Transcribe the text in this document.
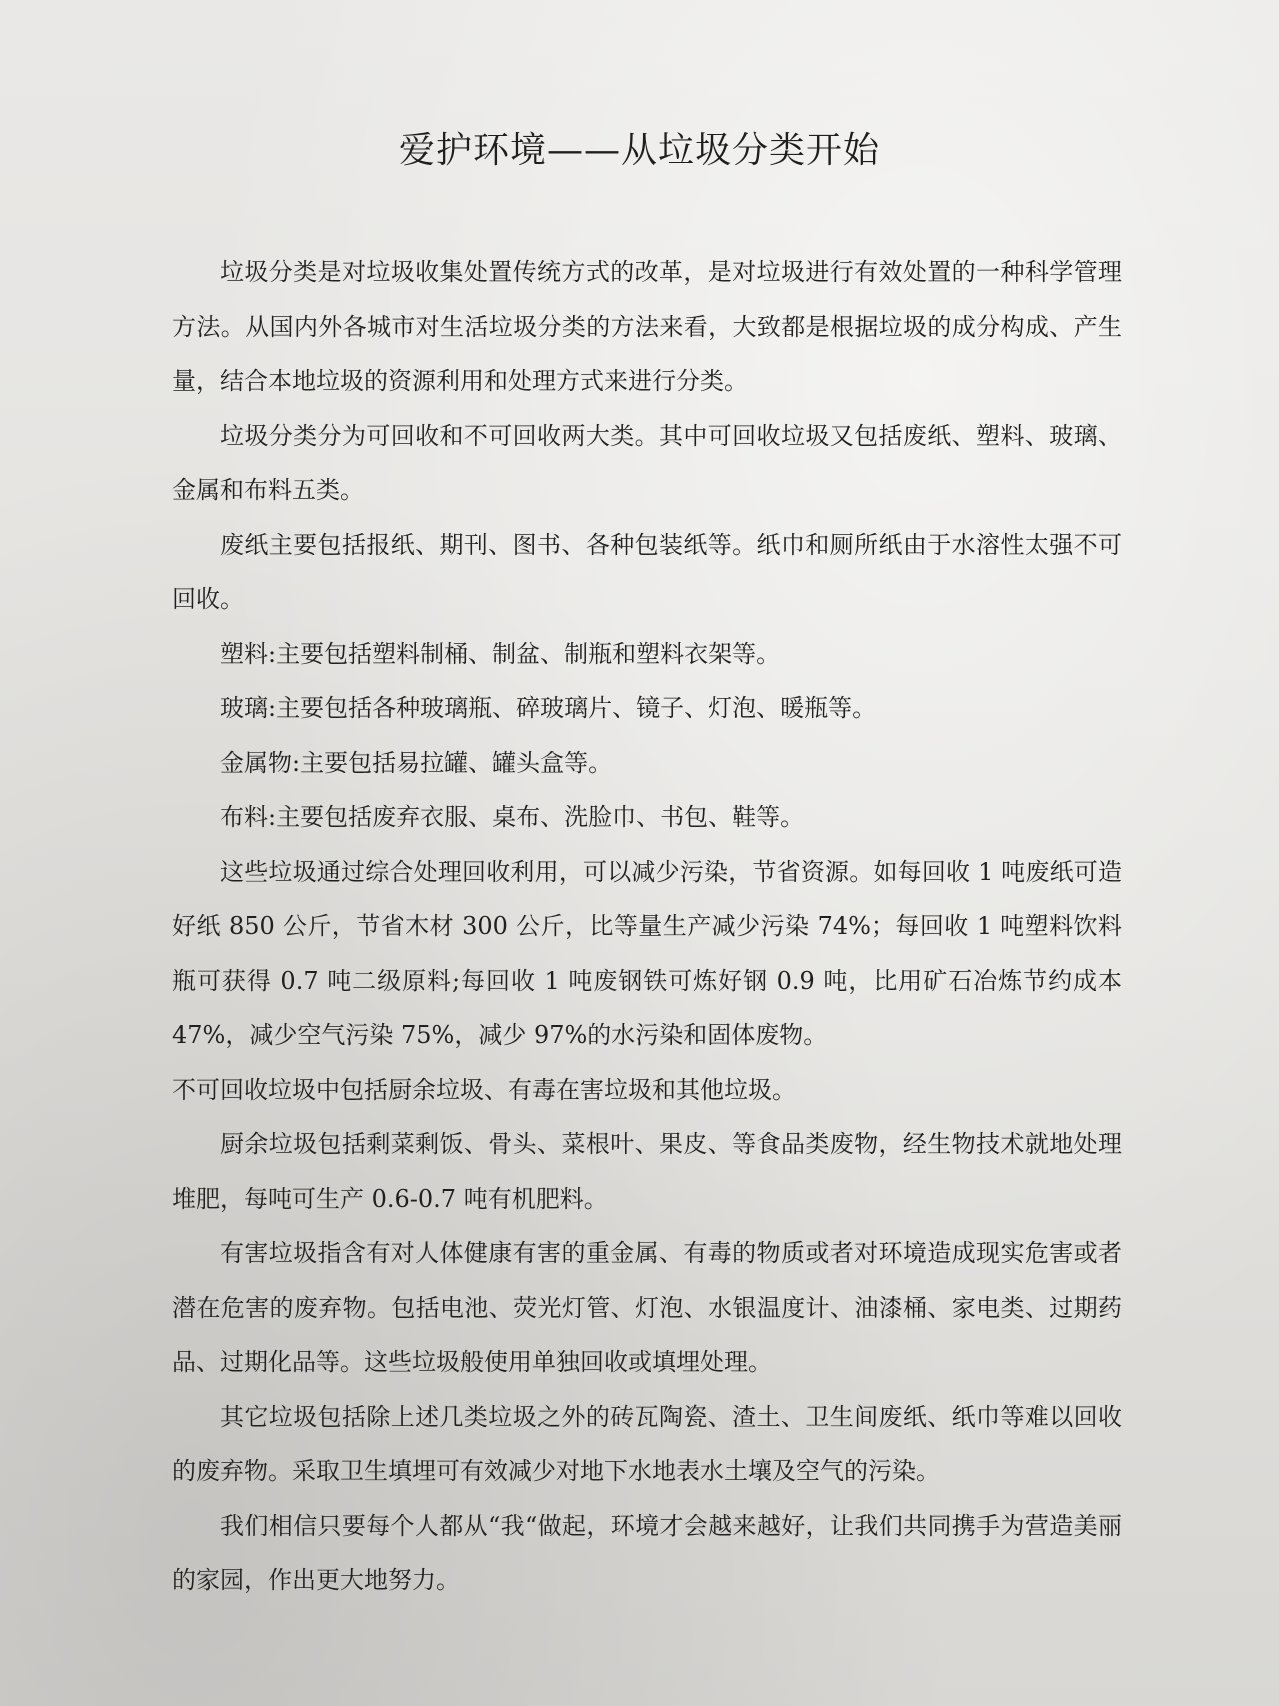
爱护环境——从垃圾分类开始

垃圾分类是对垃圾收集处置传统方式的改革，是对垃圾进行有效处置的一种科学管理方法。从国内外各城市对生活垃圾分类的方法来看，大致都是根据垃圾的成分构成、产生量，结合本地垃圾的资源利用和处理方式来进行分类。

垃圾分类分为可回收和不可回收两大类。其中可回收垃圾又包括废纸、塑料、玻璃、金属和布料五类。

废纸主要包括报纸、期刊、图书、各种包装纸等。纸巾和厕所纸由于水溶性太强不可回收。

塑料:主要包括塑料制桶、制盆、制瓶和塑料衣架等。

玻璃:主要包括各种玻璃瓶、碎玻璃片、镜子、灯泡、暖瓶等。

金属物:主要包括易拉罐、罐头盒等。

布料:主要包括废弃衣服、桌布、洗脸巾、书包、鞋等。

这些垃圾通过综合处理回收利用，可以减少污染，节省资源。如每回收 1 吨废纸可造好纸 850 公斤，节省木材 300 公斤，比等量生产减少污染 74%；每回收 1 吨塑料饮料瓶可获得 0.7 吨二级原料;每回收 1 吨废钢铁可炼好钢 0.9 吨，比用矿石冶炼节约成本 47%，减少空气污染 75%，减少 97%的水污染和固体废物。

不可回收垃圾中包括厨余垃圾、有毒在害垃圾和其他垃圾。

厨余垃圾包括剩菜剩饭、骨头、菜根叶、果皮、等食品类废物，经生物技术就地处理堆肥，每吨可生产 0.6-0.7 吨有机肥料。

有害垃圾指含有对人体健康有害的重金属、有毒的物质或者对环境造成现实危害或者潜在危害的废弃物。包括电池、荧光灯管、灯泡、水银温度计、油漆桶、家电类、过期药品、过期化品等。这些垃圾般使用单独回收或填埋处理。

其它垃圾包括除上述几类垃圾之外的砖瓦陶瓷、渣土、卫生间废纸、纸巾等难以回收的废弃物。采取卫生填埋可有效减少对地下水地表水土壤及空气的污染。

我们相信只要每个人都从“我“做起，环境才会越来越好，让我们共同携手为营造美丽的家园，作出更大地努力。
